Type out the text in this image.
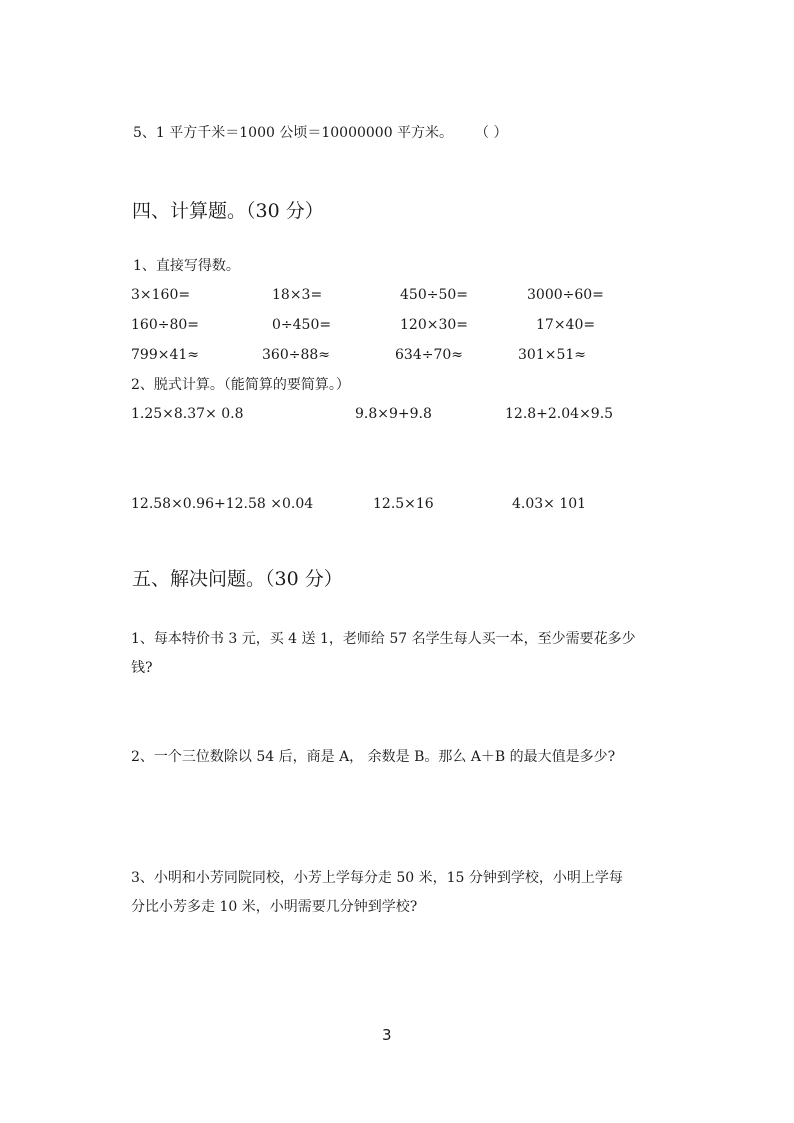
5、1 平方千米＝1000 公顷＝10000000 平方米。 （ ）
四、计算题。（30 分）
1、直接写得数。
3×160=	18×3=	450÷50=	3000÷60=
160÷80=	0÷450=	120×30=	17×40=
799×41≈	360÷88≈	634÷70≈	301×51≈
2、脱式计算。（能简算的要简算。）
1.25×8.37× 0.8	9.8×9+9.8	12.8+2.04×9.5
12.58×0.96+12.58 ×0.04	12.5×16	4.03× 101
五、解决问题。（30 分）
1、每本特价书 3 元，买 4 送 1，老师给 57 名学生每人买一本，至少需要花多少
钱?
2、一个三位数除以 54 后，商是 A， 余数是 B。那么 A＋B 的最大值是多少?
3、小明和小芳同院同校，小芳上学每分走 50 米，15 分钟到学校，小明上学每
分比小芳多走 10 米，小明需要几分钟到学校?
3
